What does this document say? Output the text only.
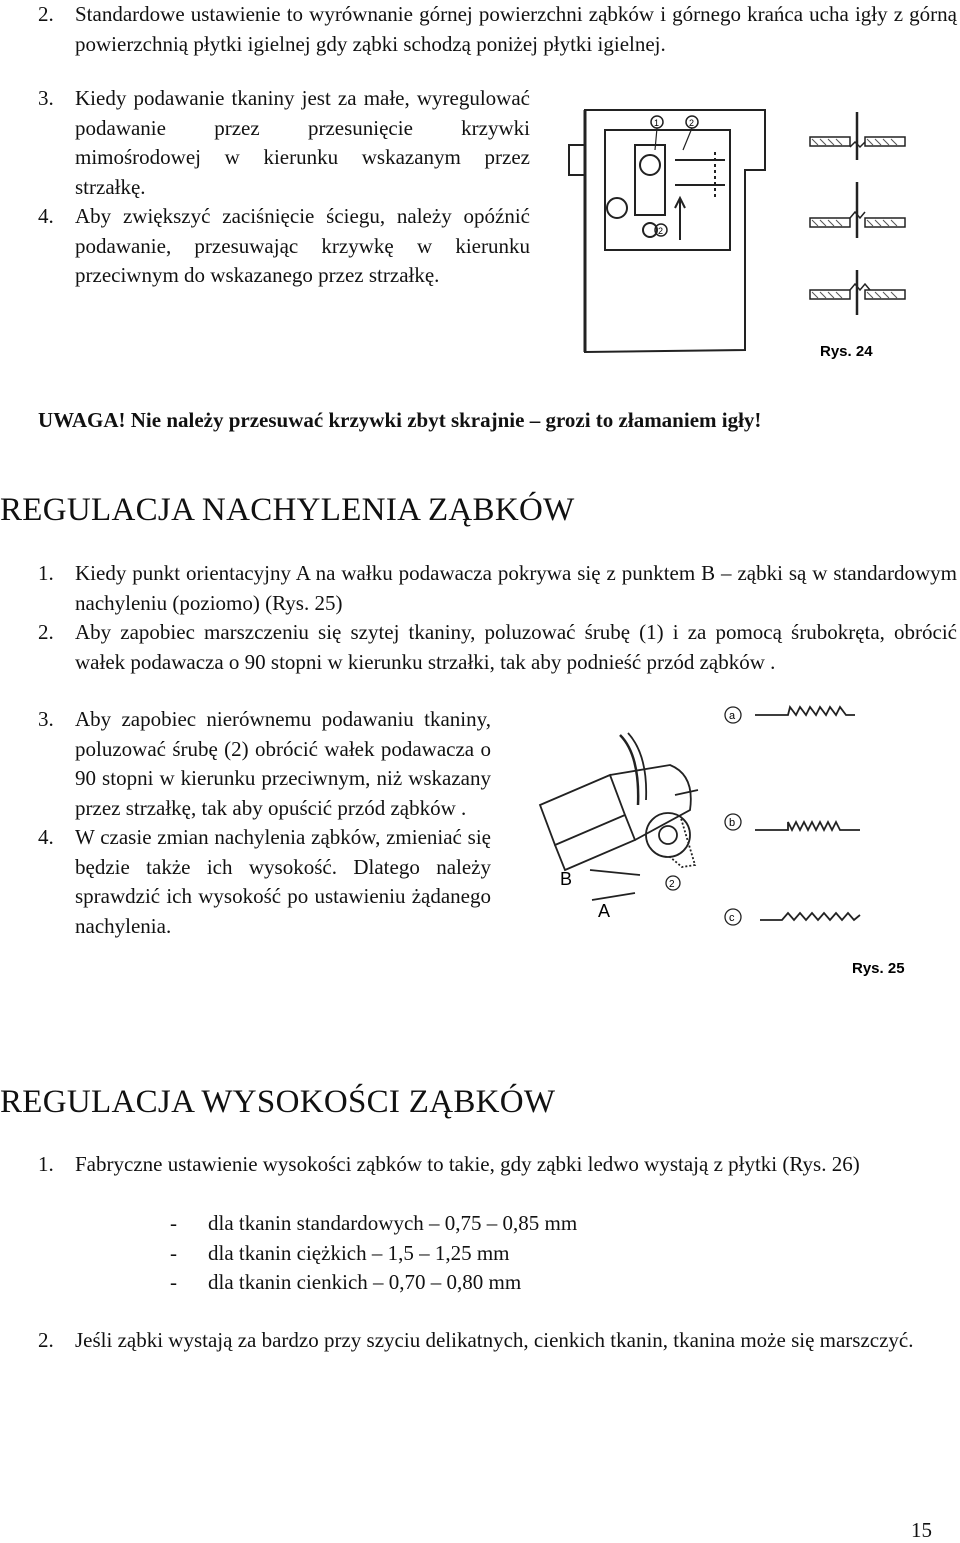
2. Standardowe ustawienie to wyrównanie górnej powierzchni ząbków i górnego krańca ucha igły z górną powierzchnią płytki igielnej gdy ząbki schodzą poniżej płytki igielnej.
3. Kiedy podawanie tkaniny jest za małe, wyregulować podawanie przez przesunięcie krzywki mimośrodowej w kierunku wskazanym przez strzałkę.
4. Aby zwiększyć zaciśnięcie ściegu, należy opóźnić podawanie, przesuwając krzywkę w kierunku przeciwnym do wskazanego przez strzałkę.
1	2
2
Rys. 24
UWAGA! Nie należy przesuwać krzywki zbyt skrajnie – grozi to złamaniem igły!
REGULACJA NACHYLENIA ZĄBKÓW
1. Kiedy punkt orientacyjny A na wałku podawacza pokrywa się z punktem B – ząbki są w standardowym nachyleniu (poziomo) (Rys. 25)
2. Aby zapobiec marszczeniu się szytej tkaniny, poluzować śrubę (1) i za pomocą śrubokręta, obrócić wałek podawacza o 90 stopni w kierunku strzałki, tak aby podnieść przód ząbków .
3. Aby zapobiec nierównemu podawaniu tkaniny, poluzować śrubę (2) obrócić wałek podawacza o 90 stopni w kierunku przeciwnym, niż wskazany przez strzałkę, tak aby opuścić przód ząbków .
4. W czasie zmian nachylenia ząbków, zmieniać się będzie także ich wysokość. Dlatego należy sprawdzić ich wysokość po ustawieniu żądanego nachylenia.
a
b
c
B
A
2
Rys. 25
REGULACJA WYSOKOŚCI ZĄBKÓW
1. Fabryczne ustawienie wysokości ząbków to takie, gdy ząbki ledwo wystają z płytki (Rys. 26)
- dla tkanin standardowych – 0,75 – 0,85 mm
- dla tkanin ciężkich – 1,5 – 1,25 mm
- dla tkanin cienkich – 0,70 – 0,80 mm
2. Jeśli ząbki wystają za bardzo przy szyciu delikatnych, cienkich tkanin, tkanina może się marszczyć.
15
